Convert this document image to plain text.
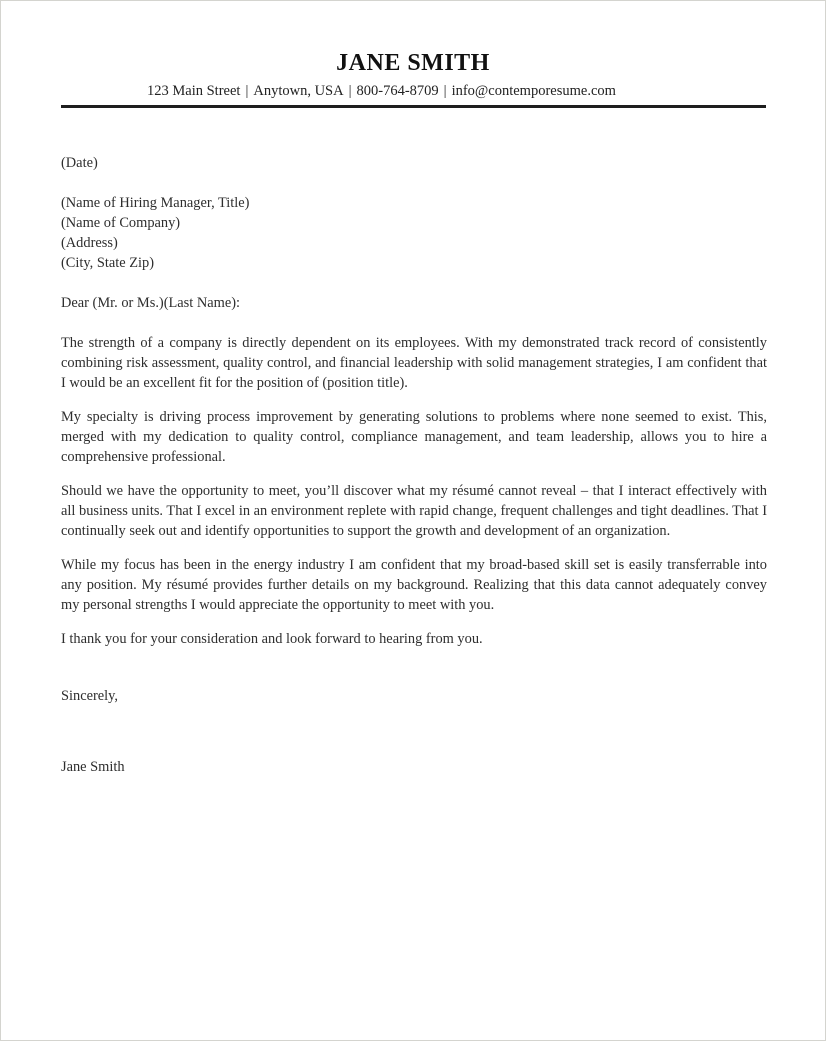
JANE SMITH
123 Main Street | Anytown, USA | 800-764-8709 | info@contemporesume.com

(Date)

(Name of Hiring Manager, Title)

(Name of Company)

(Address)

(City, State Zip)

Dear (Mr. or Ms.)(Last Name):

The strength of a company is directly dependent on its employees. With my demonstrated track record of consistently combining risk assessment, quality control, and financial leadership with solid management strategies, I am confident that I would be an excellent fit for the position of (position title).

My specialty is driving process improvement by generating solutions to problems where none seemed to exist. This, merged with my dedication to quality control, compliance management, and team leadership, allows you to hire a comprehensive professional.

Should we have the opportunity to meet, you’ll discover what my résumé cannot reveal – that I interact effectively with all business units. That I excel in an environment replete with rapid change, frequent challenges and tight deadlines. That I continually seek out and identify opportunities to support the growth and development of an organization.

While my focus has been in the energy industry I am confident that my broad-based skill set is easily transferrable into any position. My résumé provides further details on my background. Realizing that this data cannot adequately convey my personal strengths I would appreciate the opportunity to meet with you.

I thank you for your consideration and look forward to hearing from you.

Sincerely,

Jane Smith
